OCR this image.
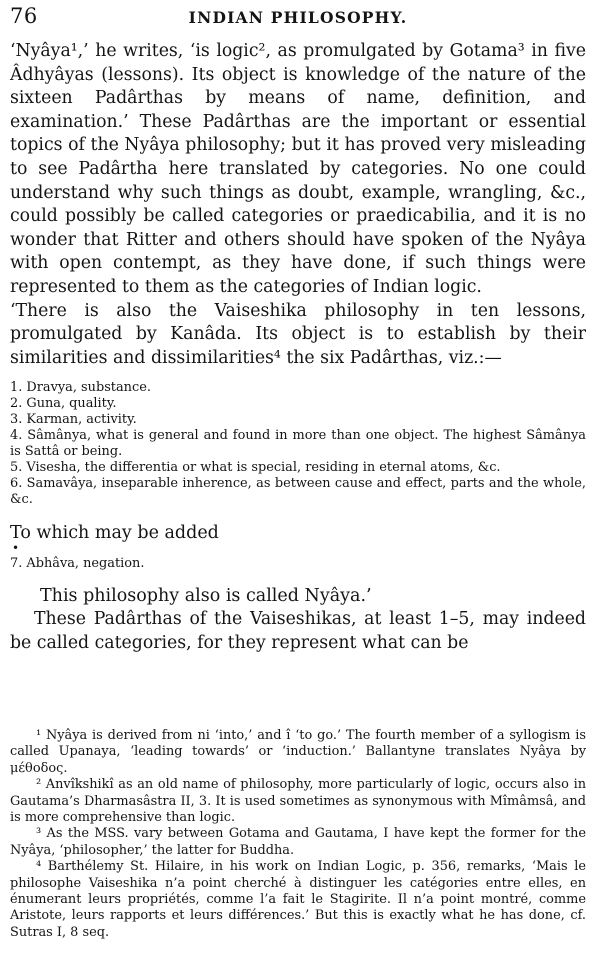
76	INDIAN PHILOSOPHY.

‘Nyâya¹,’ he writes, ‘is logic², as promulgated by Gotama³ in five Âdhyâyas (lessons). Its object is knowledge of the nature of the sixteen Padârthas by means of name, definition, and examination.’ These Padârthas are the important or essential topics of the Nyâya philosophy; but it has proved very misleading to see Padârtha here translated by categories. No one could understand why such things as doubt, example, wrangling, &c., could possibly be called categories or praedicabilia, and it is no wonder that Ritter and others should have spoken of the Nyâya with open contempt, as they have done, if such things were represented to them as the categories of Indian logic.

‘There is also the Vaiseshika philosophy in ten lessons, promulgated by Kanâda. Its object is to establish by their similarities and dissimilarities⁴ the six Padârthas, viz.:—

1. Dravya, substance.
2. Guna, quality.
3. Karman, activity.
4. Sâmânya, what is general and found in more than one object. The highest Sâmânya is Sattâ or being.
5. Visesha, the differentia or what is special, residing in eternal atoms, &c.
6. Samavâya, inseparable inherence, as between cause and effect, parts and the whole, &c.

To which may be added

•
7. Abhâva, negation.

This philosophy also is called Nyâya.’

These Padârthas of the Vaiseshikas, at least 1–5, may indeed be called categories, for they represent what can be

¹ Nyâya is derived from ni ‘into,’ and î ‘to go.’ The fourth member of a syllogism is called Upanaya, ‘leading towards’ or ‘induction.’ Ballantyne translates Nyâya by μέθοδος.

² Anvîkshikî as an old name of philosophy, more particularly of logic, occurs also in Gautama’s Dharmasâstra II, 3. It is used sometimes as synonymous with Mîmâmsâ, and is more comprehensive than logic.

³ As the MSS. vary between Gotama and Gautama, I have kept the former for the Nyâya, ‘philosopher,’ the latter for Buddha.

⁴ Barthélemy St. Hilaire, in his work on Indian Logic, p. 356, remarks, ‘Mais le philosophe Vaiseshika n’a point cherché à distinguer les catégories entre elles, en énumerant leurs propriétés, comme l’a fait le Stagirite. Il n’a point montré, comme Aristote, leurs rapports et leurs différences.’ But this is exactly what he has done, cf. Sutras I, 8 seq.
